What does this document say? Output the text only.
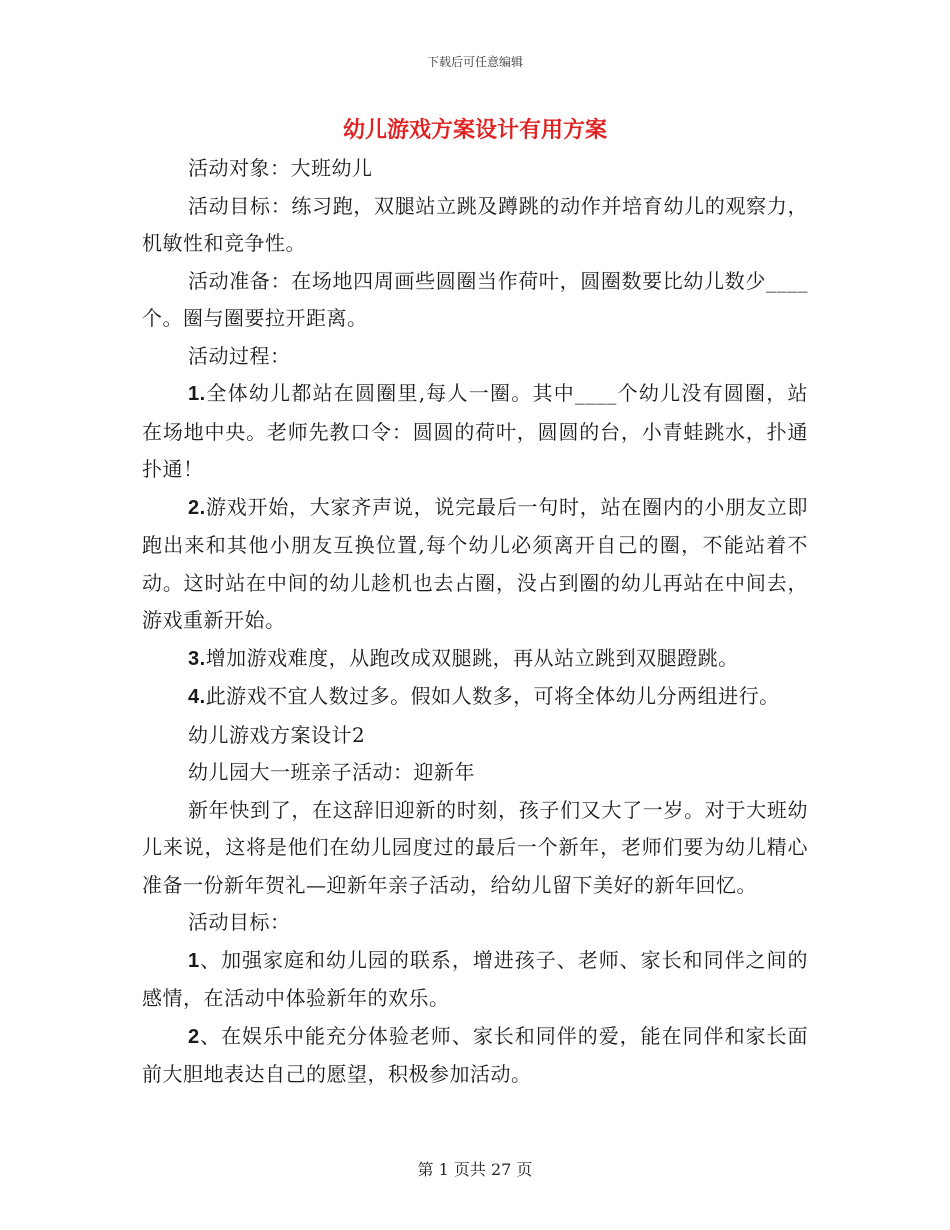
下载后可任意编辑
幼儿游戏方案设计有用方案

活动对象：大班幼儿

活动目标：练习跑，双腿站立跳及蹲跳的动作并培育幼儿的观察力，机敏性和竞争性。

活动准备：在场地四周画些圆圈当作荷叶，圆圈数要比幼儿数少____个。圈与圈要拉开距离。

活动过程：

1.全体幼儿都站在圆圈里,每人一圈。其中____个幼儿没有圆圈，站在场地中央。老师先教口令：圆圆的荷叶，圆圆的台，小青蛙跳水，扑通扑通！

2.游戏开始，大家齐声说，说完最后一句时，站在圈内的小朋友立即跑出来和其他小朋友互换位置,每个幼儿必须离开自己的圈，不能站着不动。这时站在中间的幼儿趁机也去占圈，没占到圈的幼儿再站在中间去，游戏重新开始。

3.增加游戏难度，从跑改成双腿跳，再从站立跳到双腿蹬跳。

4.此游戏不宜人数过多。假如人数多，可将全体幼儿分两组进行。

幼儿游戏方案设计2

幼儿园大一班亲子活动：迎新年

新年快到了，在这辞旧迎新的时刻，孩子们又大了一岁。对于大班幼儿来说，这将是他们在幼儿园度过的最后一个新年，老师们要为幼儿精心准备一份新年贺礼—迎新年亲子活动，给幼儿留下美好的新年回忆。

活动目标：

1、加强家庭和幼儿园的联系，增进孩子、老师、家长和同伴之间的感情，在活动中体验新年的欢乐。

2、在娱乐中能充分体验老师、家长和同伴的爱，能在同伴和家长面前大胆地表达自己的愿望，积极参加活动。

第 1 页共 27 页
